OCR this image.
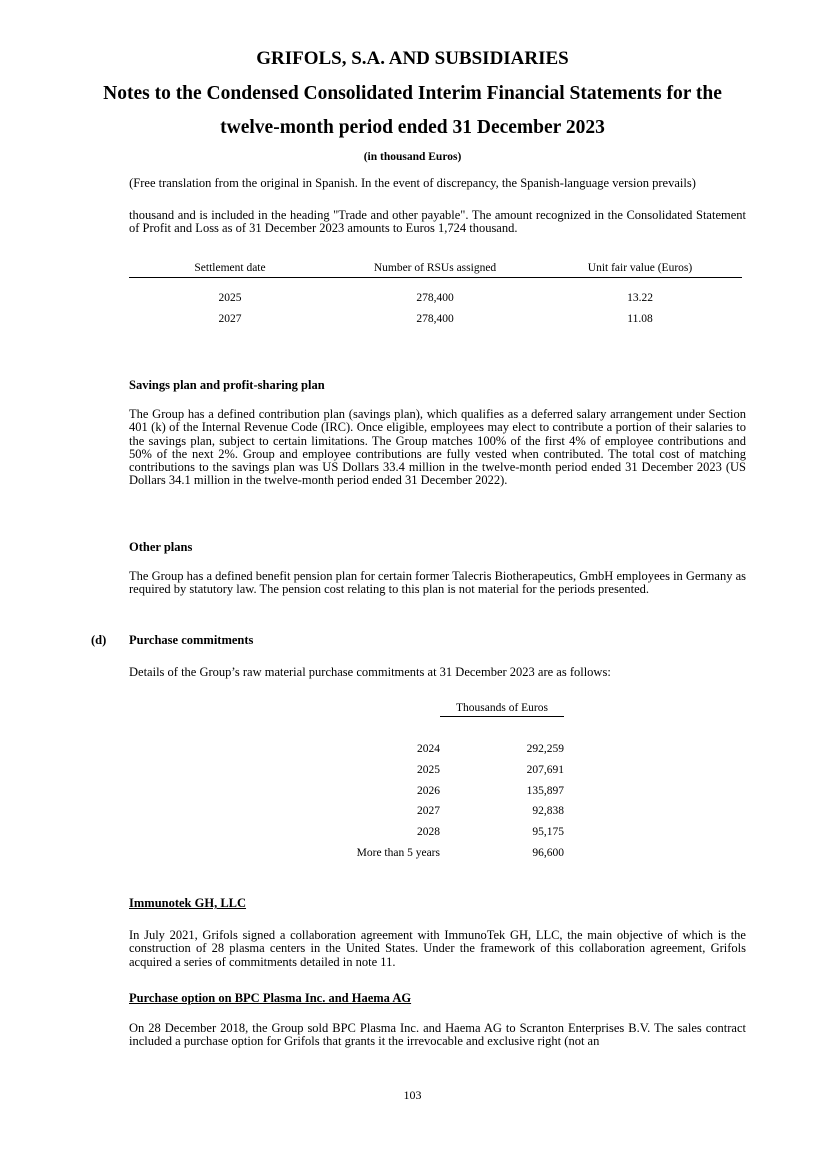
GRIFOLS, S.A. AND SUBSIDIARIES
Notes to the Condensed Consolidated Interim Financial Statements for the
twelve-month period ended 31 December 2023
(in thousand Euros)
(Free translation from the original in Spanish. In the event of discrepancy, the Spanish-language version prevails)

thousand and is included in the heading "Trade and other payable". The amount recognized in the Consolidated Statement of Profit and Loss as of 31 December 2023 amounts to Euros 1,724 thousand.

Settlement date	Number of RSUs assigned	Unit fair value (Euros)
2025	278,400	13.22
2027	278,400	11.08
Savings plan and profit-sharing plan

The Group has a defined contribution plan (savings plan), which qualifies as a deferred salary arrangement under Section 401 (k) of the Internal Revenue Code (IRC). Once eligible, employees may elect to contribute a portion of their salaries to the savings plan, subject to certain limitations. The Group matches 100% of the first 4% of employee contributions and 50% of the next 2%. Group and employee contributions are fully vested when contributed. The total cost of matching contributions to the savings plan was US Dollars 33.4 million in the twelve-month period ended 31 December 2023 (US Dollars 34.1 million in the twelve-month period ended 31 December 2022).

Other plans

The Group has a defined benefit pension plan for certain former Talecris Biotherapeutics, GmbH employees in Germany as required by statutory law. The pension cost relating to this plan is not material for the periods presented.

(d) Purchase commitments

Details of the Group’s raw material purchase commitments at 31 December 2023 are as follows:

Thousands of Euros
2024	292,259
2025	207,691
2026	135,897
2027	92,838
2028	95,175
More than 5 years	96,600
Immunotek GH, LLC

In July 2021, Grifols signed a collaboration agreement with ImmunoTek GH, LLC, the main objective of which is the construction of 28 plasma centers in the United States. Under the framework of this collaboration agreement, Grifols acquired a series of commitments detailed in note 11.

Purchase option on BPC Plasma Inc. and Haema AG

On 28 December 2018, the Group sold BPC Plasma Inc. and Haema AG to Scranton Enterprises B.V. The sales contract included a purchase option for Grifols that grants it the irrevocable and exclusive right (not an

103
